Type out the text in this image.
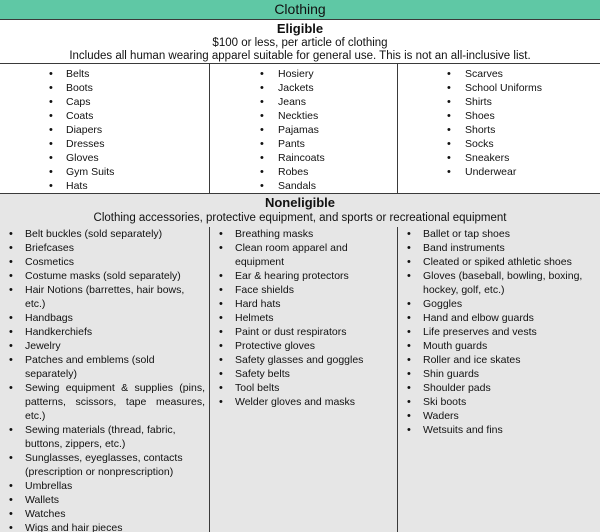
Clothing
Eligible
$100 or less, per article of clothing
Includes all human wearing apparel suitable for general use. This is not an all-inclusive list.
• Belts
• Boots
• Caps
• Coats
• Diapers
• Dresses
• Gloves
• Gym Suits
• Hats
• Hosiery
• Jackets
• Jeans
• Neckties
• Pajamas
• Pants
• Raincoats
• Robes
• Sandals
• Scarves
• School Uniforms
• Shirts
• Shoes
• Shorts
• Socks
• Sneakers
• Underwear
Noneligible
Clothing accessories, protective equipment, and sports or recreational equipment
• Belt buckles (sold separately)
• Briefcases
• Cosmetics
• Costume masks (sold separately)
• Hair Notions (barrettes, hair bows, etc.)
• Handbags
• Handkerchiefs
• Jewelry
• Patches and emblems (sold separately)
• Sewing equipment & supplies (pins, patterns, scissors, tape measures, etc.)
• Sewing materials (thread, fabric, buttons, zippers, etc.)
• Sunglasses, eyeglasses, contacts (prescription or nonprescription)
• Umbrellas
• Wallets
• Watches
• Wigs and hair pieces
• Breathing masks
• Clean room apparel and equipment
• Ear & hearing protectors
• Face shields
• Hard hats
• Helmets
• Paint or dust respirators
• Protective gloves
• Safety glasses and goggles
• Safety belts
• Tool belts
• Welder gloves and masks
• Ballet or tap shoes
• Band instruments
• Cleated or spiked athletic shoes
• Gloves (baseball, bowling, boxing, hockey, golf, etc.)
• Goggles
• Hand and elbow guards
• Life preserves and vests
• Mouth guards
• Roller and ice skates
• Shin guards
• Shoulder pads
• Ski boots
• Waders
• Wetsuits and fins
